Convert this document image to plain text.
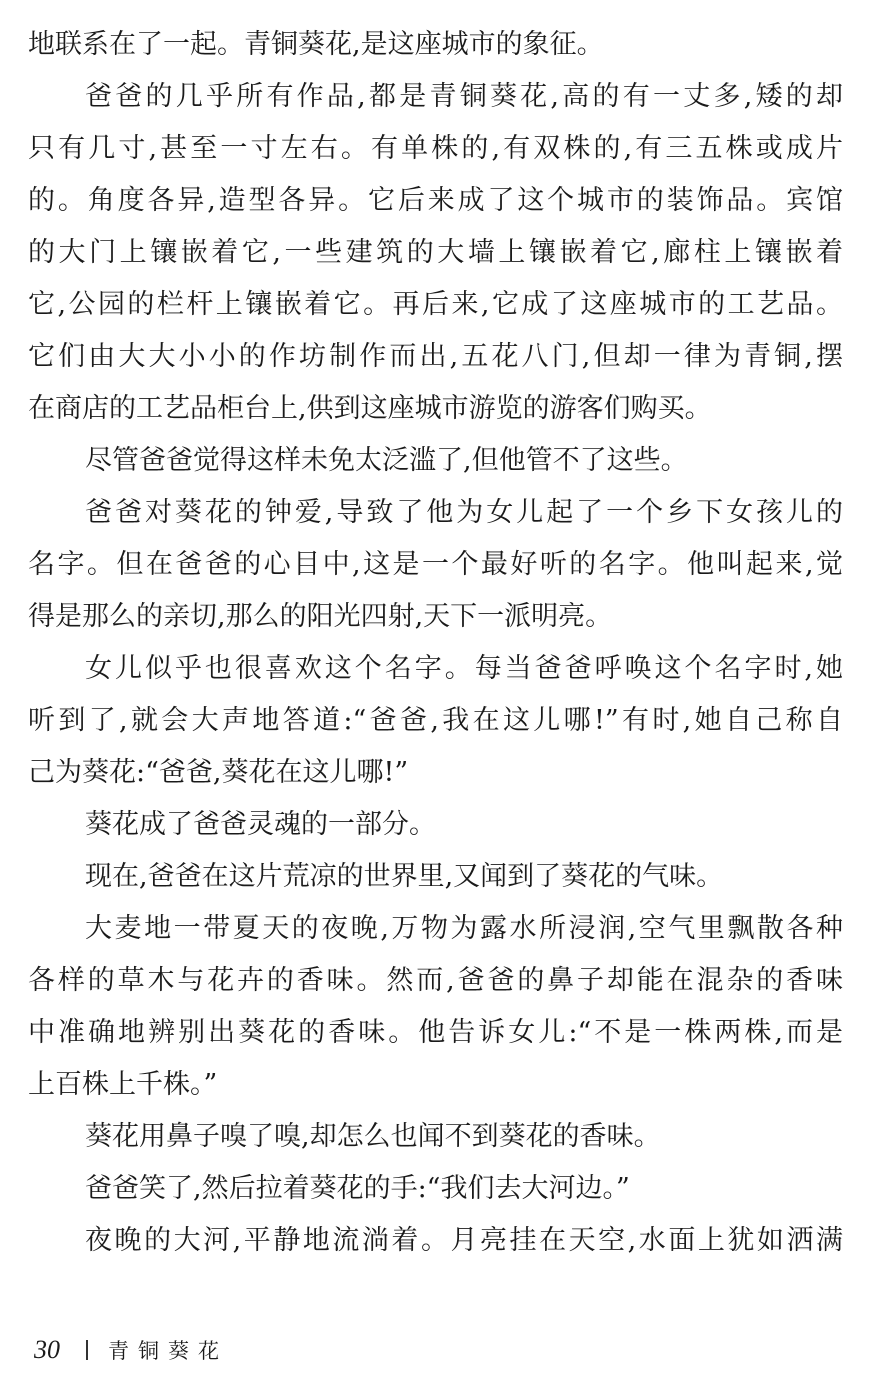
地联系在了一起。青铜葵花,是这座城市的象征。
爸爸的几乎所有作品,都是青铜葵花,高的有一丈多,矮的却
只有几寸,甚至一寸左右。有单株的,有双株的,有三五株或成片
的。角度各异,造型各异。它后来成了这个城市的装饰品。宾馆
的大门上镶嵌着它,一些建筑的大墙上镶嵌着它,廊柱上镶嵌着
它,公园的栏杆上镶嵌着它。再后来,它成了这座城市的工艺品。
它们由大大小小的作坊制作而出,五花八门,但却一律为青铜,摆
在商店的工艺品柜台上,供到这座城市游览的游客们购买。
尽管爸爸觉得这样未免太泛滥了,但他管不了这些。
爸爸对葵花的钟爱,导致了他为女儿起了一个乡下女孩儿的
名字。但在爸爸的心目中,这是一个最好听的名字。他叫起来,觉
得是那么的亲切,那么的阳光四射,天下一派明亮。
女儿似乎也很喜欢这个名字。每当爸爸呼唤这个名字时,她
听到了,就会大声地答道:“爸爸,我在这儿哪!”有时,她自己称自
己为葵花:“爸爸,葵花在这儿哪!”
葵花成了爸爸灵魂的一部分。
现在,爸爸在这片荒凉的世界里,又闻到了葵花的气味。
大麦地一带夏天的夜晚,万物为露水所浸润,空气里飘散各种
各样的草木与花卉的香味。然而,爸爸的鼻子却能在混杂的香味
中准确地辨别出葵花的香味。他告诉女儿:“不是一株两株,而是
上百株上千株。”
葵花用鼻子嗅了嗅,却怎么也闻不到葵花的香味。
爸爸笑了,然后拉着葵花的手:“我们去大河边。”
夜晚的大河,平静地流淌着。月亮挂在天空,水面上犹如洒满
30 青铜葵花
